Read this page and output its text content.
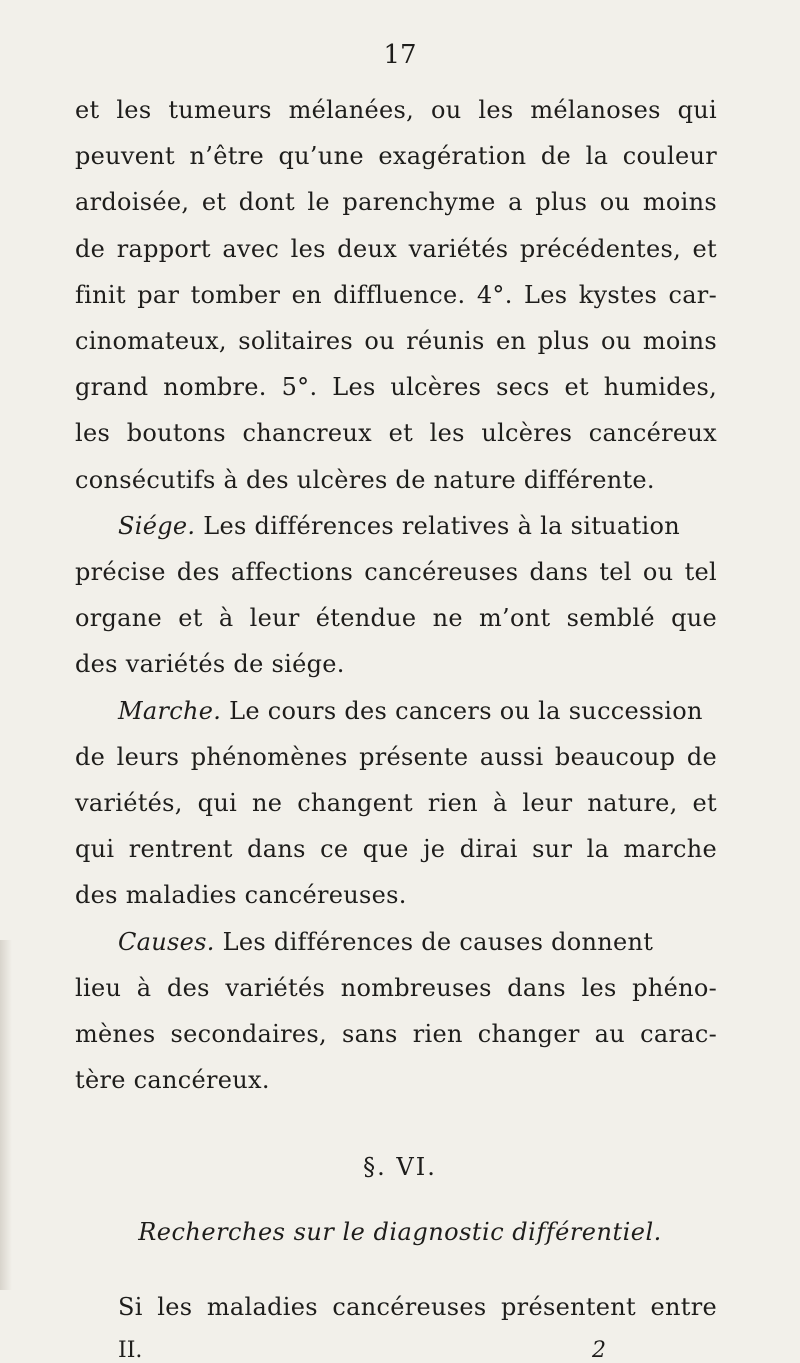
17
et les tumeurs mélanées, ou les mélanoses qui
peuvent n’être qu’une exagération de la couleur
ardoisée, et dont le parenchyme a plus ou moins
de rapport avec les deux variétés précédentes, et
finit par tomber en diffluence. 4°. Les kystes car-
cinomateux, solitaires ou réunis en plus ou moins
grand nombre. 5°. Les ulcères secs et humides,
les boutons chancreux et les ulcères cancéreux
consécutifs à des ulcères de nature différente.
Siége. Les différences relatives à la situation
précise des affections cancéreuses dans tel ou tel
organe et à leur étendue ne m’ont semblé que
des variétés de siége.
Marche. Le cours des cancers ou la succession
de leurs phénomènes présente aussi beaucoup de
variétés, qui ne changent rien à leur nature, et
qui rentrent dans ce que je dirai sur la marche
des maladies cancéreuses.
Causes. Les différences de causes donnent
lieu à des variétés nombreuses dans les phéno-
mènes secondaires, sans rien changer au carac-
tère cancéreux.
§. VI.
Recherches sur le diagnostic différentiel.
Si les maladies cancéreuses présentent entre
II.	2
